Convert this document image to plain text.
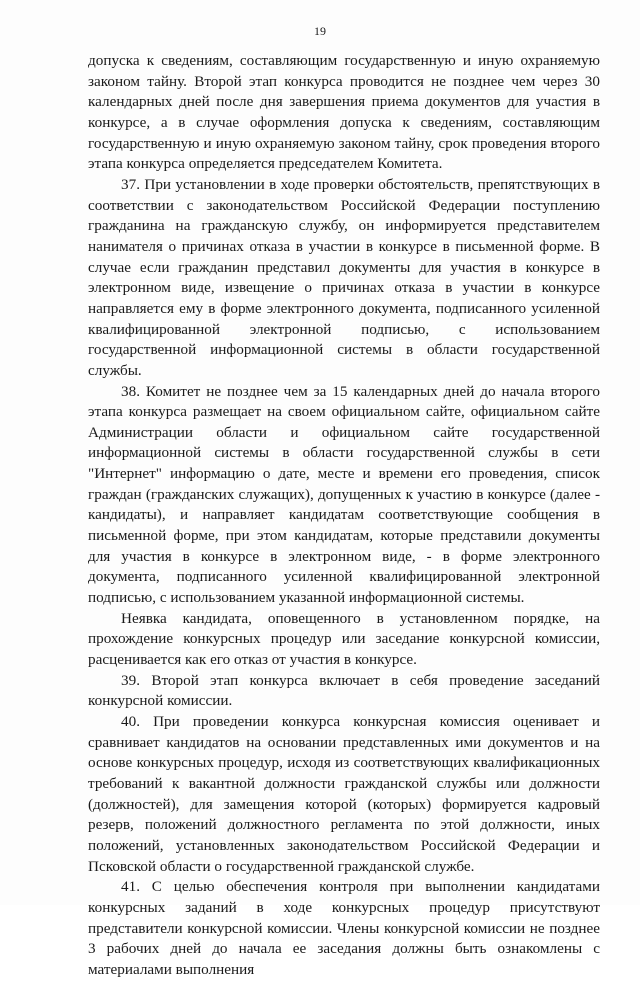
19

допуска к сведениям, составляющим государственную и иную охраняемую законом тайну. Второй этап конкурса проводится не позднее чем через 30 календарных дней после дня завершения приема документов для участия в конкурсе, а в случае оформления допуска к сведениям, составляющим государственную и иную охраняемую законом тайну, срок проведения второго этапа конкурса определяется председателем Комитета.

37. При установлении в ходе проверки обстоятельств, препятствующих в соответствии с законодательством Российской Федерации поступлению гражданина на гражданскую службу, он информируется представителем нанимателя о причинах отказа в участии в конкурсе в письменной форме. В случае если гражданин представил документы для участия в конкурсе в электронном виде, извещение о причинах отказа в участии в конкурсе направляется ему в форме электронного документа, подписанного усиленной квалифицированной электронной подписью, с использованием государственной информационной системы в области государственной службы.

38. Комитет не позднее чем за 15 календарных дней до начала второго этапа конкурса размещает на своем официальном сайте, официальном сайте Администрации области и официальном сайте государственной информационной системы в области государственной службы в сети "Интернет" информацию о дате, месте и времени его проведения, список граждан (гражданских служащих), допущенных к участию в конкурсе (далее - кандидаты), и направляет кандидатам соответствующие сообщения в письменной форме, при этом кандидатам, которые представили документы для участия в конкурсе в электронном виде, - в форме электронного документа, подписанного усиленной квалифицированной электронной подписью, с использованием указанной информационной системы.

Неявка кандидата, оповещенного в установленном порядке, на прохождение конкурсных процедур или заседание конкурсной комиссии, расценивается как его отказ от участия в конкурсе.

39. Второй этап конкурса включает в себя проведение заседаний конкурсной комиссии.

40. При проведении конкурса конкурсная комиссия оценивает и сравнивает кандидатов на основании представленных ими документов и на основе конкурсных процедур, исходя из соответствующих квалификационных требований к вакантной должности гражданской службы или должности (должностей), для замещения которой (которых) формируется кадровый резерв, положений должностного регламента по этой должности, иных положений, установленных законодательством Российской Федерации и Псковской области о государственной гражданской службе.

41. С целью обеспечения контроля при выполнении кандидатами конкурсных заданий в ходе конкурсных процедур присутствуют представители конкурсной комиссии. Члены конкурсной комиссии не позднее 3 рабочих дней до начала ее заседания должны быть ознакомлены с материалами выполнения
